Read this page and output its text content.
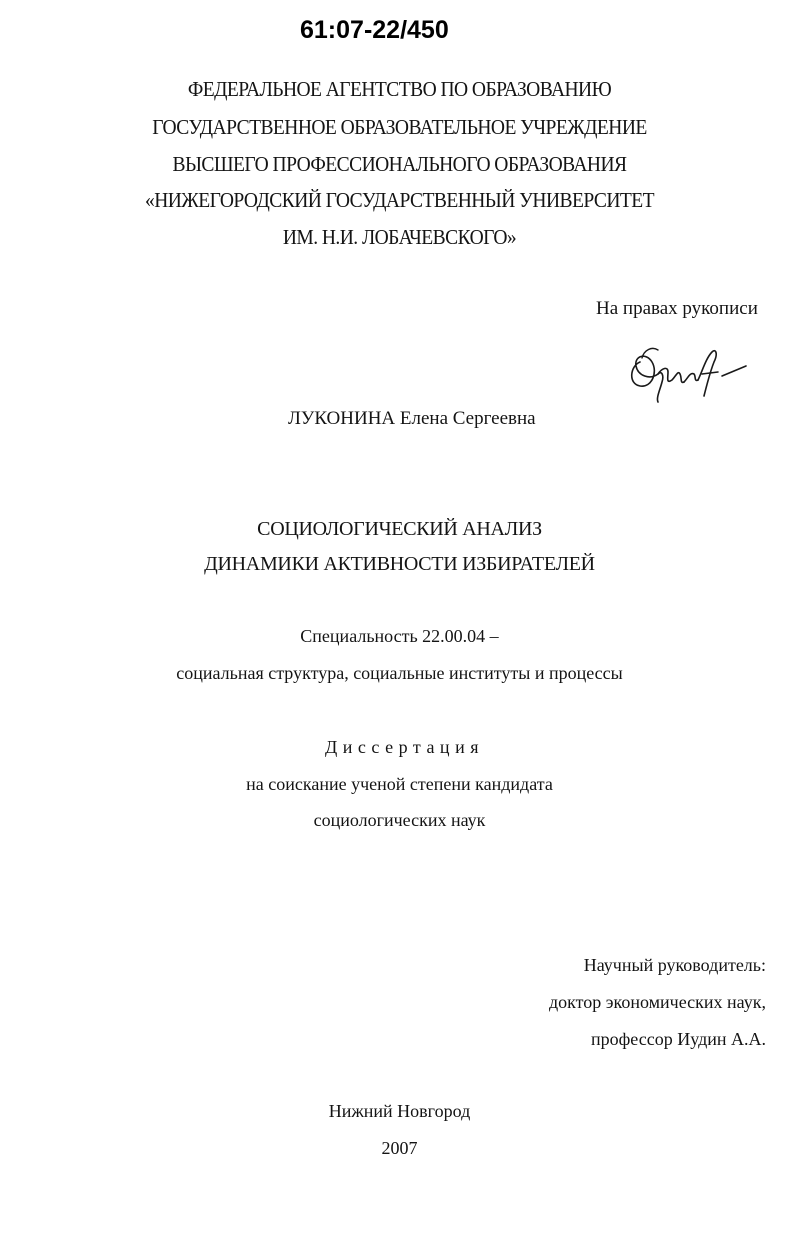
61:07-22/450
ФЕДЕРАЛЬНОЕ АГЕНТСТВО ПО ОБРАЗОВАНИЮ
ГОСУДАРСТВЕННОЕ ОБРАЗОВАТЕЛЬНОЕ УЧРЕЖДЕНИЕ
ВЫСШЕГО ПРОФЕССИОНАЛЬНОГО ОБРАЗОВАНИЯ
«НИЖЕГОРОДСКИЙ ГОСУДАРСТВЕННЫЙ УНИВЕРСИТЕТ
ИМ. Н.И. ЛОБАЧЕВСКОГО»
На правах рукописи
ЛУКОНИНА Елена Сергеевна
СОЦИОЛОГИЧЕСКИЙ АНАЛИЗ
ДИНАМИКИ АКТИВНОСТИ ИЗБИРАТЕЛЕЙ
Специальность 22.00.04 –
социальная структура, социальные институты и процессы
Диссертация
на соискание ученой степени кандидата
социологических наук
Научный руководитель:
доктор экономических наук,
профессор Иудин А.А.
Нижний Новгород
2007
